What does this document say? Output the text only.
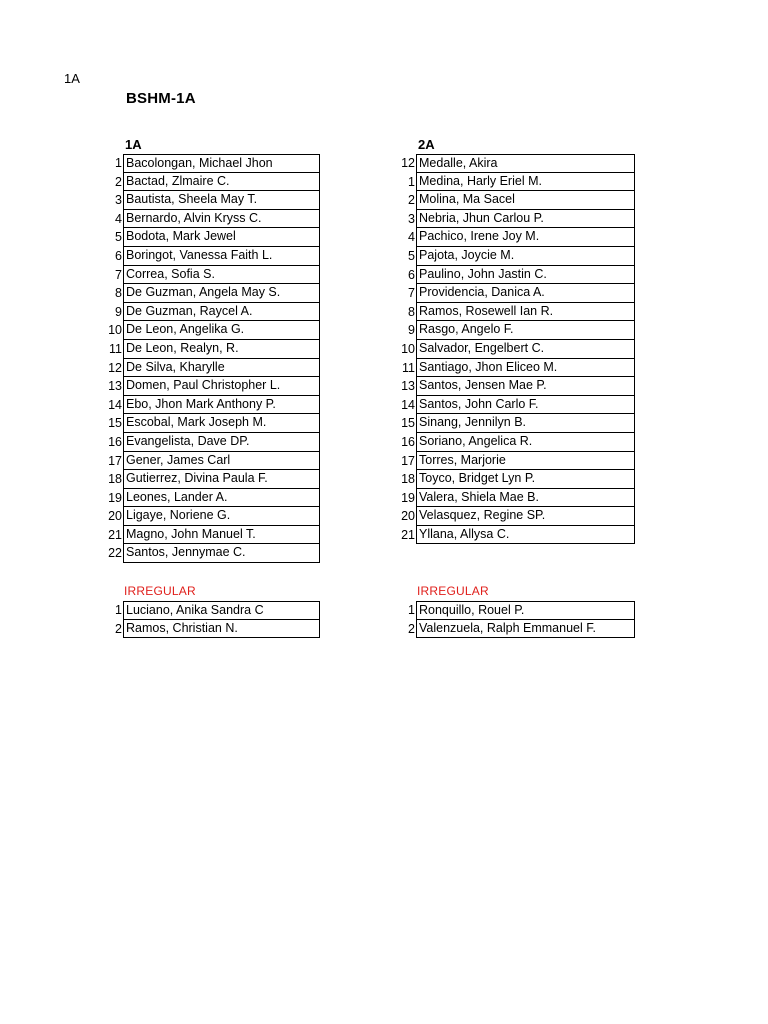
1A
BSHM-1A
1A	2A
1 Bacolongan, Michael Jhon
2 Bactad, Zlmaire C.
3 Bautista, Sheela May T.
4 Bernardo, Alvin Kryss C.
5 Bodota, Mark Jewel
6 Boringot, Vanessa Faith L.
7 Correa, Sofia S.
8 De Guzman, Angela May S.
9 De Guzman, Raycel A.
10 De Leon, Angelika G.
11 De Leon, Realyn, R.
12 De Silva, Kharylle
13 Domen, Paul Christopher L.
14 Ebo, Jhon Mark Anthony P.
15 Escobal, Mark Joseph M.
16 Evangelista, Dave DP.
17 Gener, James Carl
18 Gutierrez, Divina Paula F.
19 Leones, Lander A.
20 Ligaye, Noriene G.
21 Magno, John Manuel T.
22 Santos, Jennymae C.
12 Medalle, Akira
1 Medina, Harly Eriel M.
2 Molina, Ma Sacel
3 Nebria, Jhun Carlou P.
4 Pachico, Irene Joy M.
5 Pajota, Joycie M.
6 Paulino, John Jastin C.
7 Providencia, Danica A.
8 Ramos, Rosewell Ian R.
9 Rasgo, Angelo F.
10 Salvador, Engelbert C.
11 Santiago, Jhon Eliceo M.
13 Santos, Jensen Mae P.
14 Santos, John Carlo F.
15 Sinang, Jennilyn B.
16 Soriano, Angelica R.
17 Torres, Marjorie
18 Toyco, Bridget Lyn P.
19 Valera, Shiela Mae B.
20 Velasquez, Regine SP.
21 Yllana, Allysa C.
IRREGULAR	IRREGULAR
1 Luciano, Anika Sandra C
2 Ramos, Christian N.
1 Ronquillo, Rouel P.
2 Valenzuela, Ralph Emmanuel F.
